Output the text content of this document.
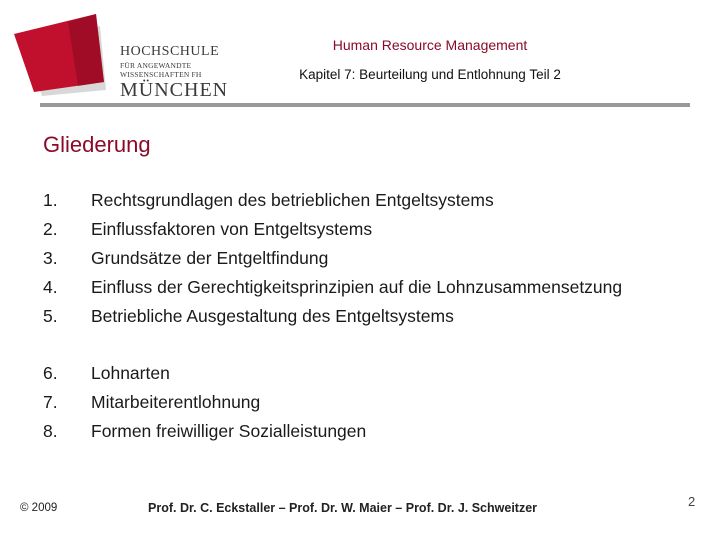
HOCHSCHULE
FÜR ANGEWANDTE
WISSENSCHAFTEN FH
MÜNCHEN
Human Resource Management
Kapitel 7: Beurteilung und Entlohnung Teil 2
Gliederung
1. Rechtsgrundlagen des betrieblichen Entgeltsystems
2. Einflussfaktoren von Entgeltsystems
3. Grundsätze der Entgeltfindung
4. Einfluss der Gerechtigkeitsprinzipien auf die Lohnzusammensetzung
5. Betriebliche Ausgestaltung des Entgeltsystems
6. Lohnarten
7. Mitarbeiterentlohnung
8. Formen freiwilliger Sozialleistungen
© 2009	Prof. Dr. C. Eckstaller – Prof. Dr. W. Maier – Prof. Dr. J. Schweitzer	2
